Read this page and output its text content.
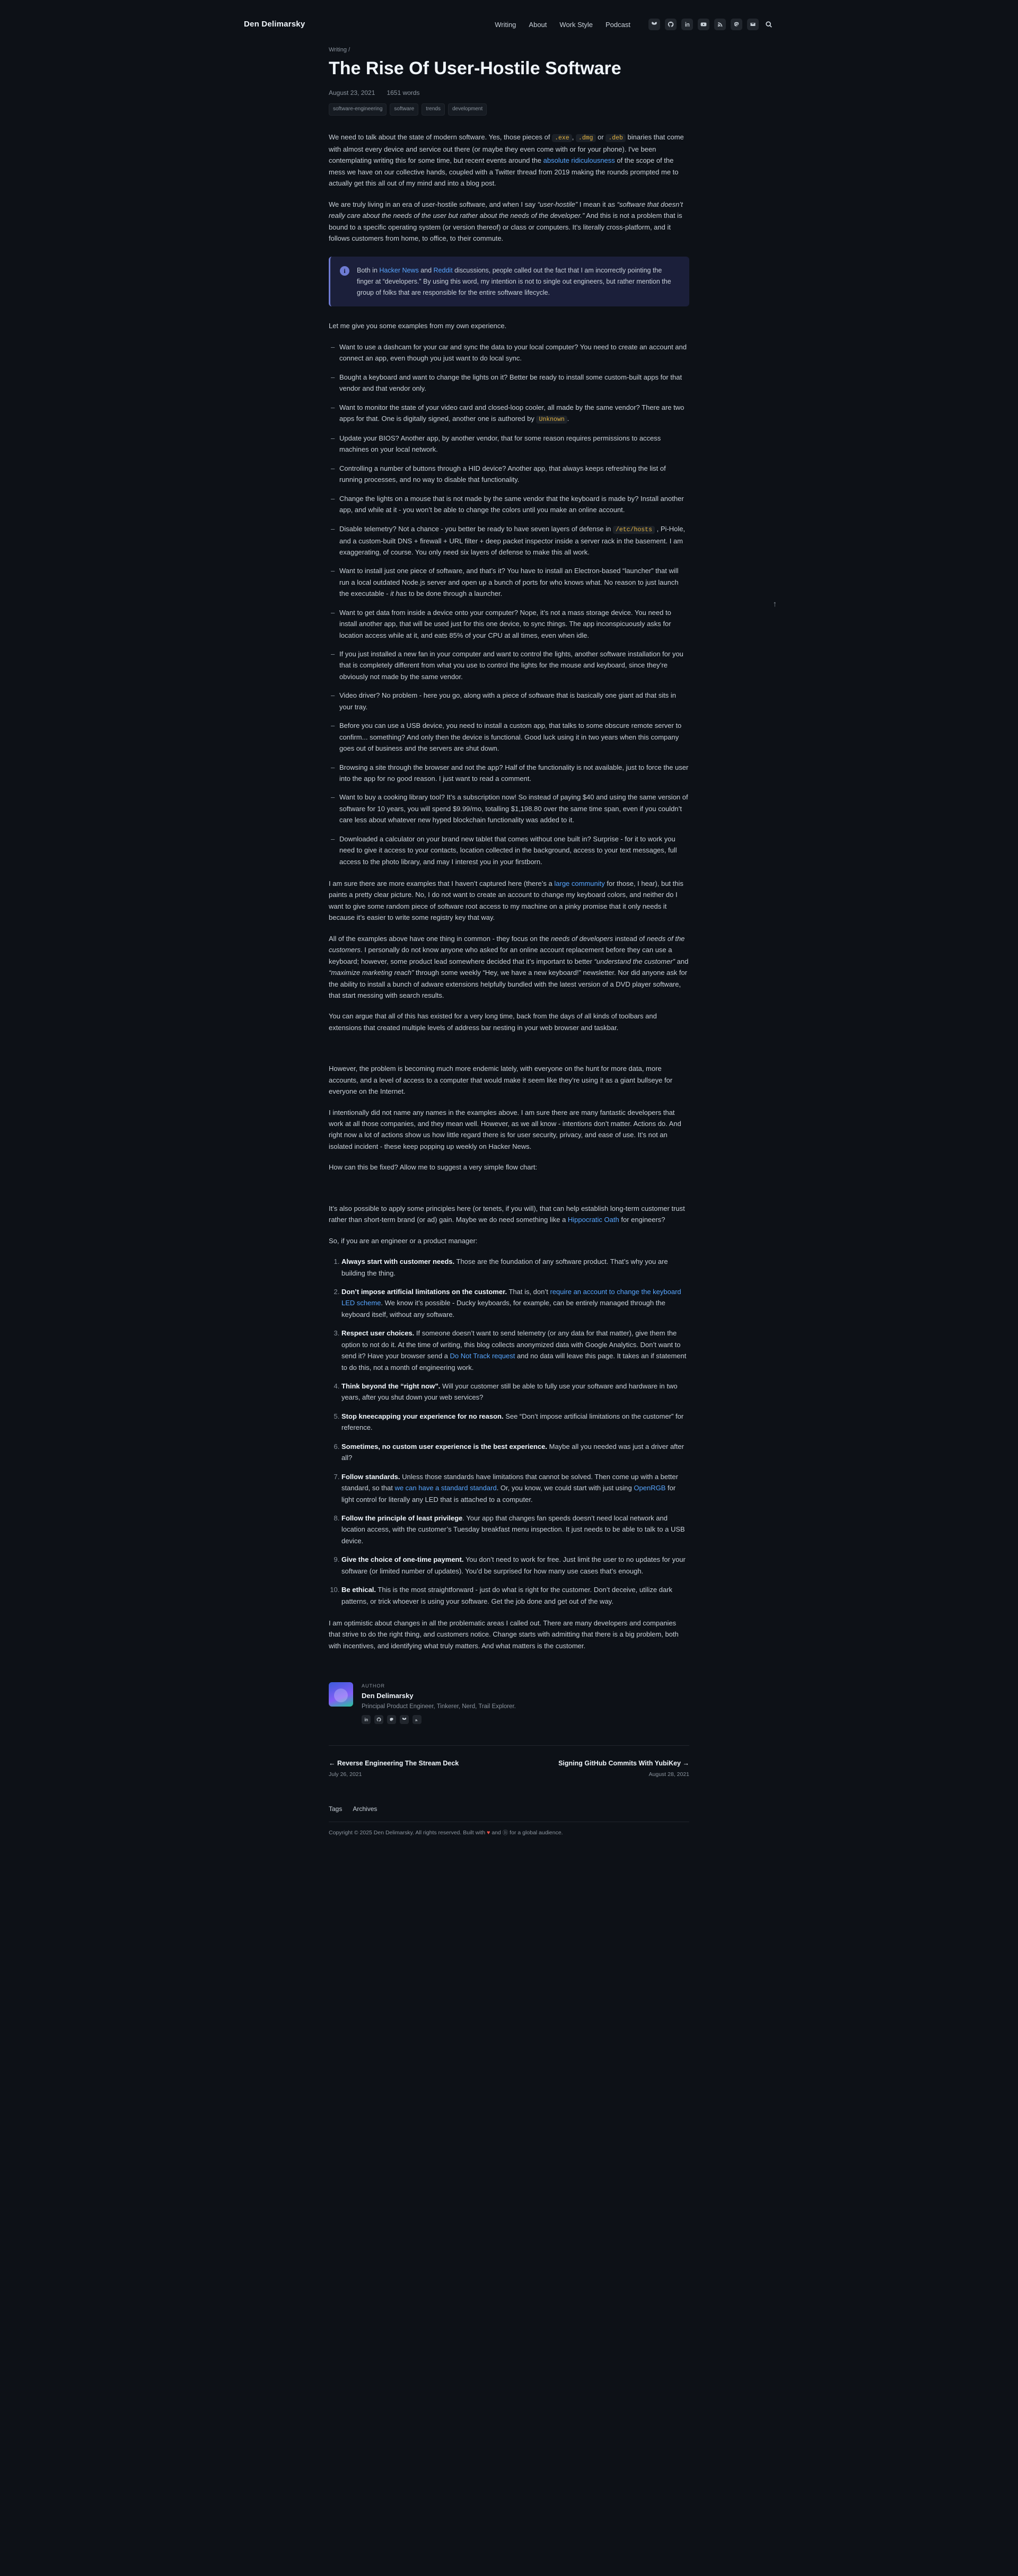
Den Delimarsky	Writing About Work Style Podcast
↑
Writing /
The Rise Of User-Hostile Software
August 23, 2021 1651 words
software-engineering	software	trends	development

We need to talk about the state of modern software. Yes, those pieces of .exe , .dmg or .deb binaries that come with almost every device and service out there (or maybe they even come with or for your phone). I've been contemplating writing this for some time, but recent events around the absolute ridiculousness of the scope of the mess we have on our collective hands, coupled with a Twitter thread from 2019 making the rounds prompted me to actually get this all out of my mind and into a blog post.

We are truly living in an era of user-hostile software, and when I say “user-hostile” I mean it as “software that doesn’t really care about the needs of the user but rather about the needs of the developer.” And this is not a problem that is bound to a specific operating system (or version thereof) or class or computers. It’s literally cross-platform, and it follows customers from home, to office, to their commute.

i	Both in Hacker News and Reddit discussions, people called out the fact that I am incorrectly pointing the finger at “developers.” By using this word, my intention is not to single out engineers, but rather mention the group of folks that are responsible for the entire software lifecycle.

Let me give you some examples from my own experience.

– Want to use a dashcam for your car and sync the data to your local computer? You need to create an account and connect an app, even though you just want to do local sync.
– Bought a keyboard and want to change the lights on it? Better be ready to install some custom-built apps for that vendor and that vendor only.
– Want to monitor the state of your video card and closed-loop cooler, all made by the same vendor? There are two apps for that. One is digitally signed, another one is authored by Unknown .
– Update your BIOS? Another app, by another vendor, that for some reason requires permissions to access machines on your local network.
– Controlling a number of buttons through a HID device? Another app, that always keeps refreshing the list of running processes, and no way to disable that functionality.
– Change the lights on a mouse that is not made by the same vendor that the keyboard is made by? Install another app, and while at it - you won’t be able to change the colors until you make an online account.
– Disable telemetry? Not a chance - you better be ready to have seven layers of defense in /etc/hosts , Pi-Hole, and a custom-built DNS + firewall + URL filter + deep packet inspector inside a server rack in the basement. I am exaggerating, of course. You only need six layers of defense to make this all work.
– Want to install just one piece of software, and that’s it? You have to install an Electron-based “launcher” that will run a local outdated Node.js server and open up a bunch of ports for who knows what. No reason to just launch the executable - it has to be done through a launcher.
– Want to get data from inside a device onto your computer? Nope, it’s not a mass storage device. You need to install another app, that will be used just for this one device, to sync things. The app inconspicuously asks for location access while at it, and eats 85% of your CPU at all times, even when idle.
– If you just installed a new fan in your computer and want to control the lights, another software installation for you that is completely different from what you use to control the lights for the mouse and keyboard, since they’re obviously not made by the same vendor.
– Video driver? No problem - here you go, along with a piece of software that is basically one giant ad that sits in your tray.
– Before you can use a USB device, you need to install a custom app, that talks to some obscure remote server to confirm... something? And only then the device is functional. Good luck using it in two years when this company goes out of business and the servers are shut down.
– Browsing a site through the browser and not the app? Half of the functionality is not available, just to force the user into the app for no good reason. I just want to read a comment.
– Want to buy a cooking library tool? It’s a subscription now! So instead of paying $40 and using the same version of software for 10 years, you will spend $9.99/mo, totalling $1,198.80 over the same time span, even if you couldn’t care less about whatever new hyped blockchain functionality was added to it.
– Downloaded a calculator on your brand new tablet that comes without one built in? Surprise - for it to work you need to give it access to your contacts, location collected in the background, access to your text messages, full access to the photo library, and may I interest you in your firstborn.

I am sure there are more examples that I haven’t captured here (there’s a large community for those, I hear), but this paints a pretty clear picture. No, I do not want to create an account to change my keyboard colors, and neither do I want to give some random piece of software root access to my machine on a pinky promise that it only needs it because it’s easier to write some registry key that way.

All of the examples above have one thing in common - they focus on the needs of developers instead of needs of the customers. I personally do not know anyone who asked for an online account replacement before they can use a keyboard; however, some product lead somewhere decided that it’s important to better “understand the customer” and “maximize marketing reach” through some weekly “Hey, we have a new keyboard!” newsletter. Nor did anyone ask for the ability to install a bunch of adware extensions helpfully bundled with the latest version of a DVD player software, that start messing with search results.

You can argue that all of this has existed for a very long time, back from the days of all kinds of toolbars and extensions that created multiple levels of address bar nesting in your web browser and taskbar.

However, the problem is becoming much more endemic lately, with everyone on the hunt for more data, more accounts, and a level of access to a computer that would make it seem like they’re using it as a giant bullseye for everyone on the Internet.

I intentionally did not name any names in the examples above. I am sure there are many fantastic developers that work at all those companies, and they mean well. However, as we all know - intentions don’t matter. Actions do. And right now a lot of actions show us how little regard there is for user security, privacy, and ease of use. It’s not an isolated incident - these keep popping up weekly on Hacker News.

How can this be fixed? Allow me to suggest a very simple flow chart:

It’s also possible to apply some principles here (or tenets, if you will), that can help establish long-term customer trust rather than short-term brand (or ad) gain. Maybe we do need something like a Hippocratic Oath for engineers?

So, if you are an engineer or a product manager:

1. Always start with customer needs. Those are the foundation of any software product. That’s why you are building the thing.
2. Don’t impose artificial limitations on the customer. That is, don’t require an account to change the keyboard LED scheme. We know it’s possible - Ducky keyboards, for example, can be entirely managed through the keyboard itself, without any software.
3. Respect user choices. If someone doesn’t want to send telemetry (or any data for that matter), give them the option to not do it. At the time of writing, this blog collects anonymized data with Google Analytics. Don’t want to send it? Have your browser send a Do Not Track request and no data will leave this page. It takes an if statement to do this, not a month of engineering work.
4. Think beyond the “right now”. Will your customer still be able to fully use your software and hardware in two years, after you shut down your web services?
5. Stop kneecapping your experience for no reason. See “Don’t impose artificial limitations on the customer” for reference.
6. Sometimes, no custom user experience is the best experience. Maybe all you needed was just a driver after all?
7. Follow standards. Unless those standards have limitations that cannot be solved. Then come up with a better standard, so that we can have a standard standard. Or, you know, we could start with just using OpenRGB for light control for literally any LED that is attached to a computer.
8. Follow the principle of least privilege. Your app that changes fan speeds doesn’t need local network and location access, with the customer’s Tuesday breakfast menu inspection. It just needs to be able to talk to a USB device.
9. Give the choice of one-time payment. You don’t need to work for free. Just limit the user to no updates for your software (or limited number of updates). You’d be surprised for how many use cases that’s enough.
10. Be ethical. This is the most straightforward - just do what is right for the customer. Don’t deceive, utilize dark patterns, or trick whoever is using your software. Get the job done and get out of the way.

I am optimistic about changes in all the problematic areas I called out. There are many developers and companies that strive to do the right thing, and customers notice. Change starts with admitting that there is a big problem, both with incentives, and identifying what truly matters. And what matters is the customer.

AUTHOR
Den Delimarsky
Principal Product Engineer, Tinkerer, Nerd, Trail Explorer.
← Reverse Engineering The Stream Deck
July 26, 2021
Signing GitHub Commits With YubiKey →
August 28, 2021
Tags Archives
Copyright © 2025 Den Delimarsky. All rights reserved. Built with ♥ and Ⓑ for a global audience.
